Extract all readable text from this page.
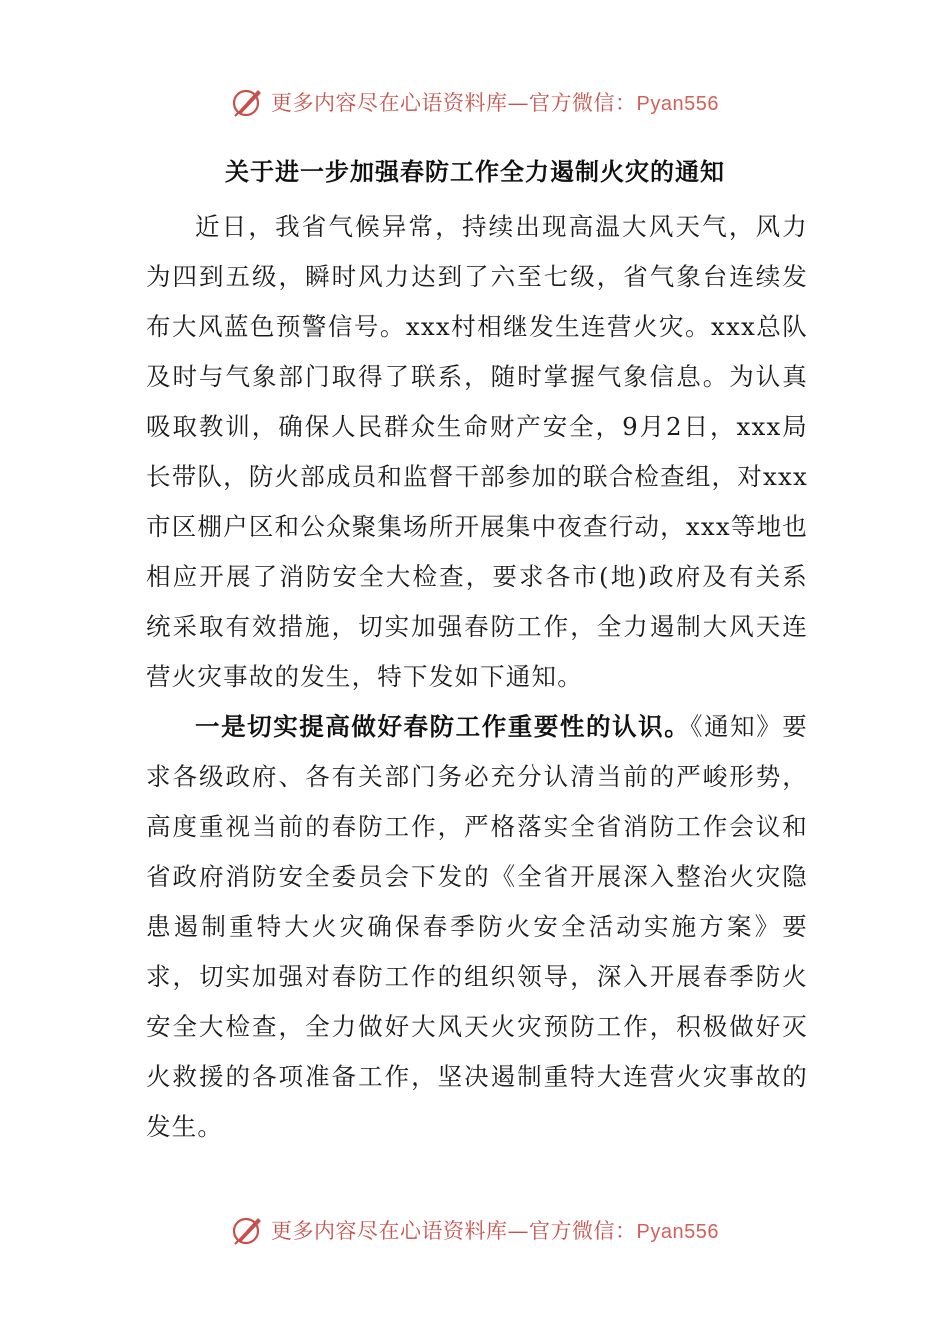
更多内容尽在心语资料库—官方微信：Pyan556
关于进一步加强春防工作全力遏制火灾的通知

近日，我省气候异常，持续出现高温大风天气，风力为四到五级，瞬时风力达到了六至七级，省气象台连续发布大风蓝色预警信号。xxx村相继发生连营火灾。xxx总队及时与气象部门取得了联系，随时掌握气象信息。为认真吸取教训，确保人民群众生命财产安全，9月2日，xxx局长带队，防火部成员和监督干部参加的联合检查组，对xxx市区棚户区和公众聚集场所开展集中夜查行动，xxx等地也相应开展了消防安全大检查，要求各市(地)政府及有关系统采取有效措施，切实加强春防工作，全力遏制大风天连营火灾事故的发生，特下发如下通知。

一是切实提高做好春防工作重要性的认识。《通知》要求各级政府、各有关部门务必充分认清当前的严峻形势，高度重视当前的春防工作，严格落实全省消防工作会议和省政府消防安全委员会下发的《全省开展深入整治火灾隐患遏制重特大火灾确保春季防火安全活动实施方案》要求，切实加强对春防工作的组织领导，深入开展春季防火安全大检查，全力做好大风天火灾预防工作，积极做好灭火救援的各项准备工作，坚决遏制重特大连营火灾事故的发生。

更多内容尽在心语资料库—官方微信：Pyan556
